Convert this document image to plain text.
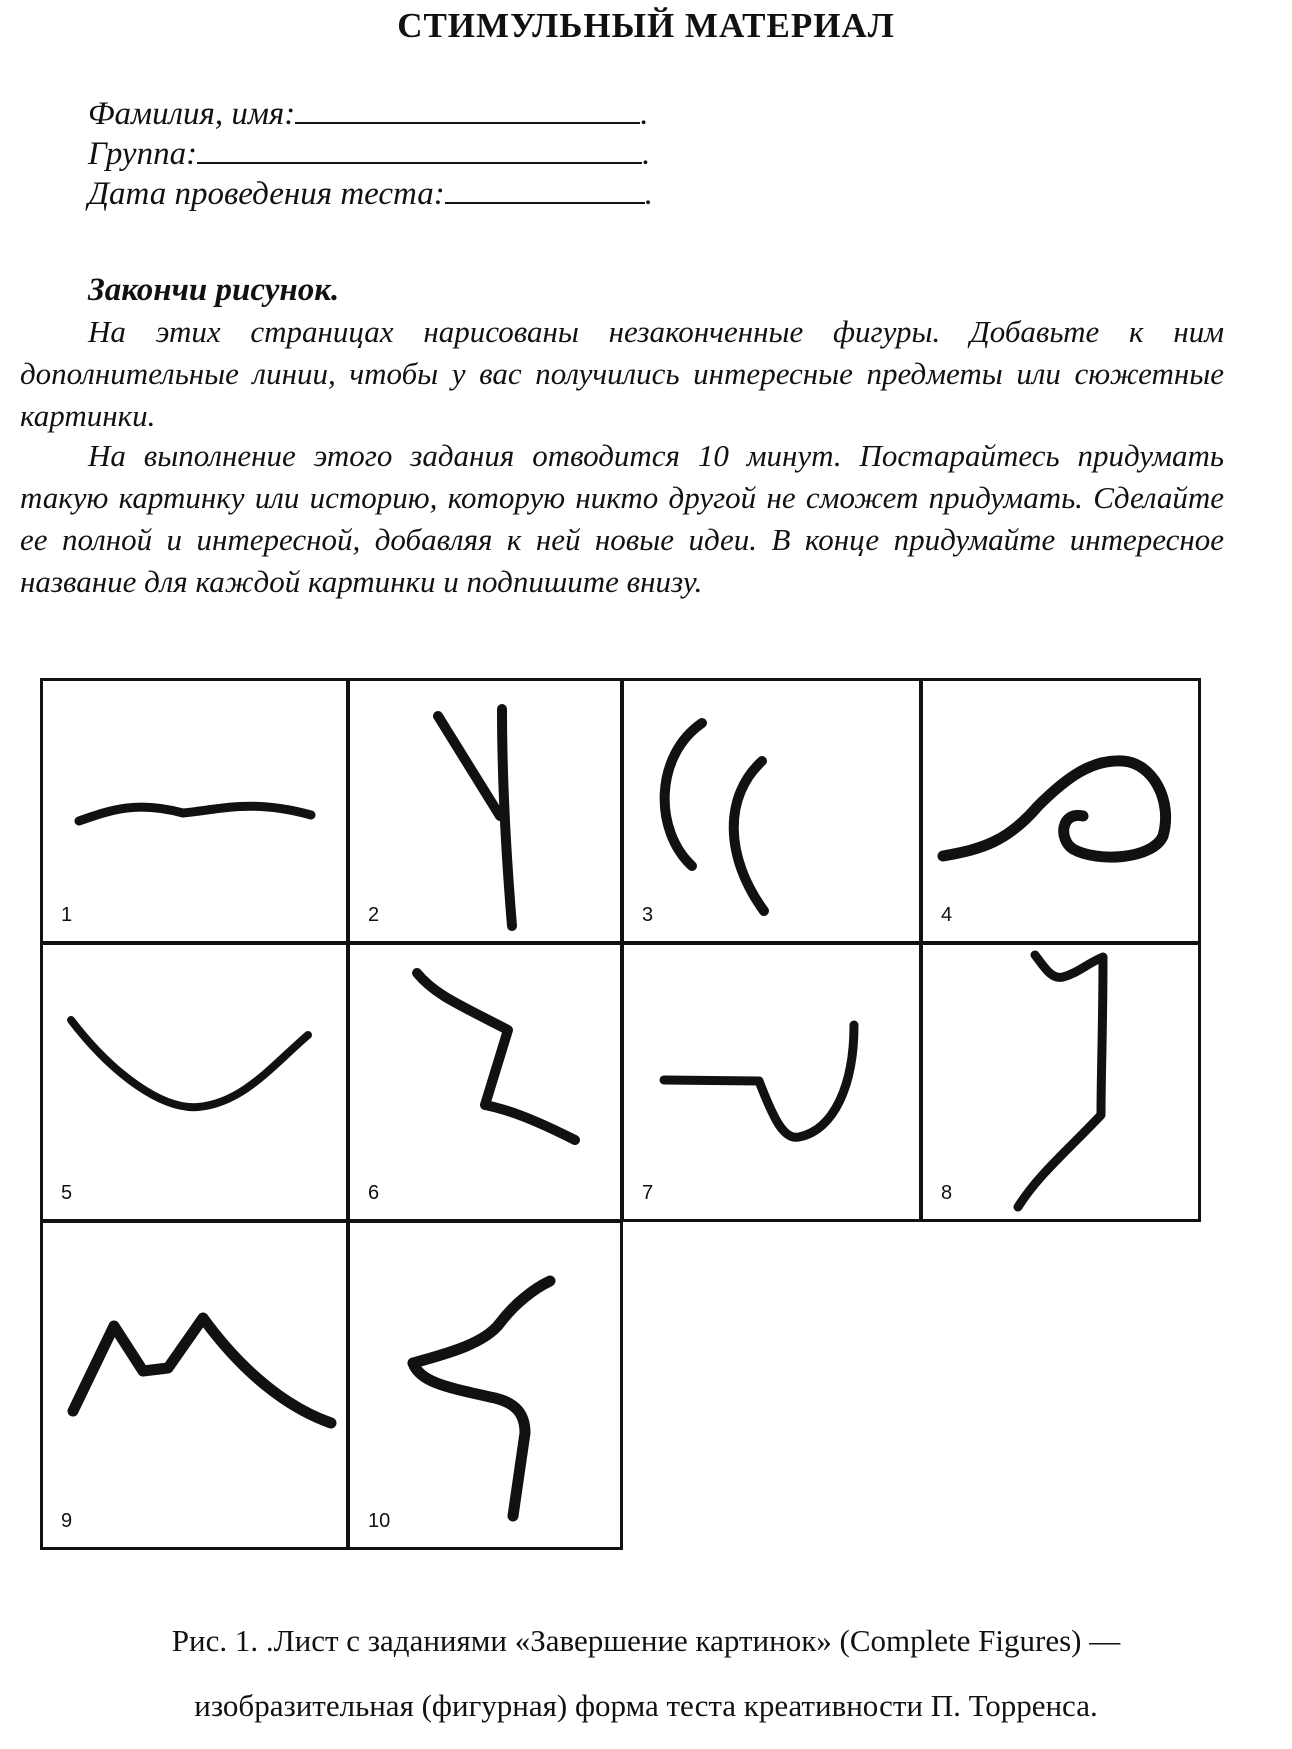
СТИМУЛЬНЫЙ МАТЕРИАЛ
Фамилия, имя:	.
Группа:	.
Дата проведения теста:	.
Закончи рисунок.
На этих страницах нарисованы незаконченные фигуры. Добавьте к ним дополнительные линии, чтобы у вас получились интересные предметы или сюжетные картинки.
На выполнение этого задания отводится 10 минут. Постарайтесь придумать такую картинку или историю, которую никто другой не сможет придумать. Сделайте ее полной и интересной, добавляя к ней новые идеи. В конце придумайте интересное название для каждой картинки и подпишите внизу.
1	2	3	4
5	6	7	8
9	10
Рис. 1. .Лист с заданиями «Завершение картинок» (Complete Figures) —
изобразительная (фигурная) форма теста креативности П. Торренса.
